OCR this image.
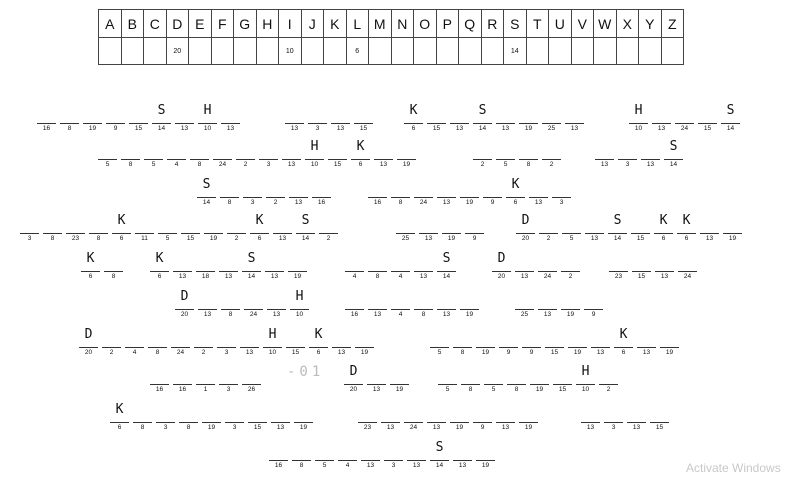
A	B	C	D	E	F	G	H	I	J	K	L	M	N	O	P	Q	R	S	T	U	V	W	X	Y	Z
			20					10			6							14							
16	8	19	9	15
S
14	13
H
10	13	13	3	13	15
K
6	15	13
S
14	13	19	25	13
H
10	13	24	15
S
14
5	8	5	4	8	24	2	3	13
H
10	15
K
6	13	19	2	5	8	2	13	3	13
S
14
S
14	8	3	2	13	16	16	8	24	13	19	9
K
6	13	3
3	8	23	8
K
6	11	5	15	19	2
K
6	13
S
14	2	25	13	19	9
D
20	2	5	13
S
14	15
K
6
K
6	13	19
K
6	8
K
6	13	18	13
S
14	13	19	4	8	4	13
S
14
D
20	13	24	2	23	15	13	24
D
20	13	8	24	13
H
10	16	13	4	8	13	19	25	13	19	9
D
20	2	4	8	24	2	3	13
H
10	15
K
6	13	19	5	8	19	9	9	15	19	13
K
6	13	19
16	16	1	3	26
D
20	13	19	5	8	5	8	19	15
H
10	2
K
6	8	3	8	19	3	15	13	19	23	13	24	13	19	9	13	19	13	3	13	15
16	8	5	4	13	3	13
S
14	13	19
-01
Activate Windows
